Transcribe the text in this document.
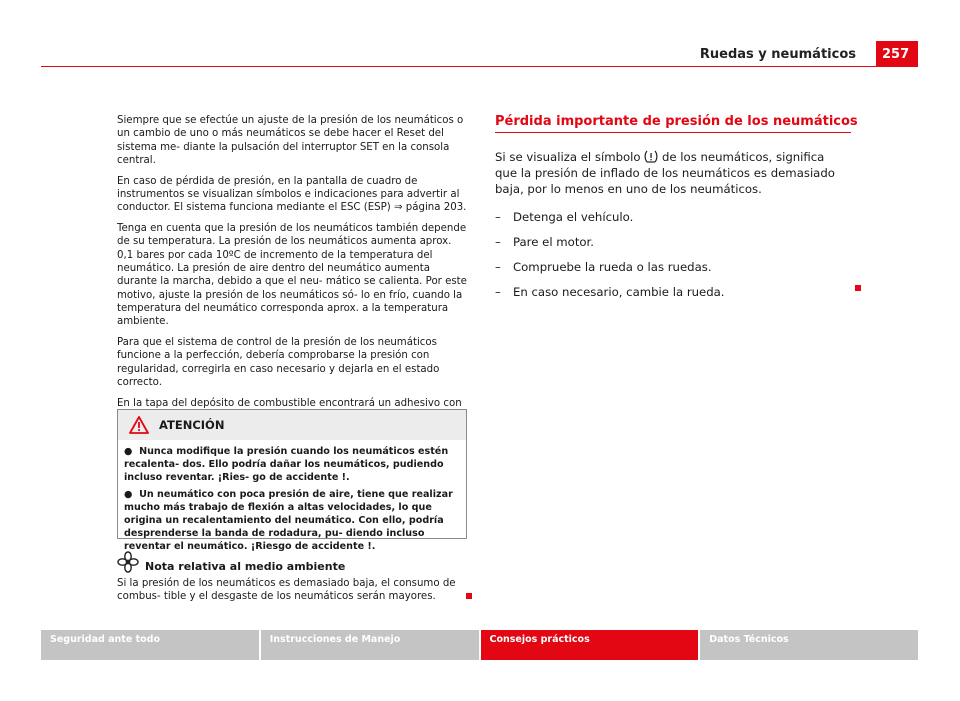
Ruedas y neumáticos	257

Siempre que se efectúe un ajuste de la presión de los neumáticos o un cambio de uno o más neumáticos se debe hacer el Reset del sistema me- diante la pulsación del interruptor SET en la consola central.

En caso de pérdida de presión, en la pantalla de cuadro de instrumentos se visualizan símbolos e indicaciones para advertir al conductor. El sistema funciona mediante el ESC (ESP) ⇒ página 203.

Tenga en cuenta que la presión de los neumáticos también depende de su temperatura. La presión de los neumáticos aumenta aprox. 0,1 bares por cada 10ºC de incremento de la temperatura del neumático. La presión de aire dentro del neumático aumenta durante la marcha, debido a que el neu- mático se calienta. Por este motivo, ajuste la presión de los neumáticos só- lo en frío, cuando la temperatura del neumático corresponda aprox. a la temperatura ambiente.

Para que el sistema de control de la presión de los neumáticos funcione a la perfección, debería comprobarse la presión con regularidad, corregirla en caso necesario y dejarla en el estado correcto.

En la tapa del depósito de combustible encontrará un adhesivo con

ATENCIÓN

●  Nunca modifique la presión cuando los neumáticos estén recalenta- dos. Ello podría dañar los neumáticos, pudiendo incluso reventar. ¡Ries- go de accidente !.

●  Un neumático con poca presión de aire, tiene que realizar mucho más trabajo de flexión a altas velocidades, lo que origina un recalentamiento del neumático. Con ello, podría desprenderse la banda de rodadura, pu- diendo incluso reventar el neumático. ¡Riesgo de accidente !.

Nota relativa al medio ambiente
Si la presión de los neumáticos es demasiado baja, el consumo de combus- tible y el desgaste de los neumáticos serán mayores.
Pérdida importante de presión de los neumáticos

Si se visualiza el símbolo de los neumáticos, significa que la presión de inflado de los neumáticos es demasiado baja, por lo menos en uno de los neumáticos.

–	Detenga el vehículo.
–	Pare el motor.
–	Compruebe la rueda o las ruedas.
–	En caso necesario, cambie la rueda.
Seguridad ante todo	Instrucciones de Manejo	Consejos prácticos	Datos Técnicos
